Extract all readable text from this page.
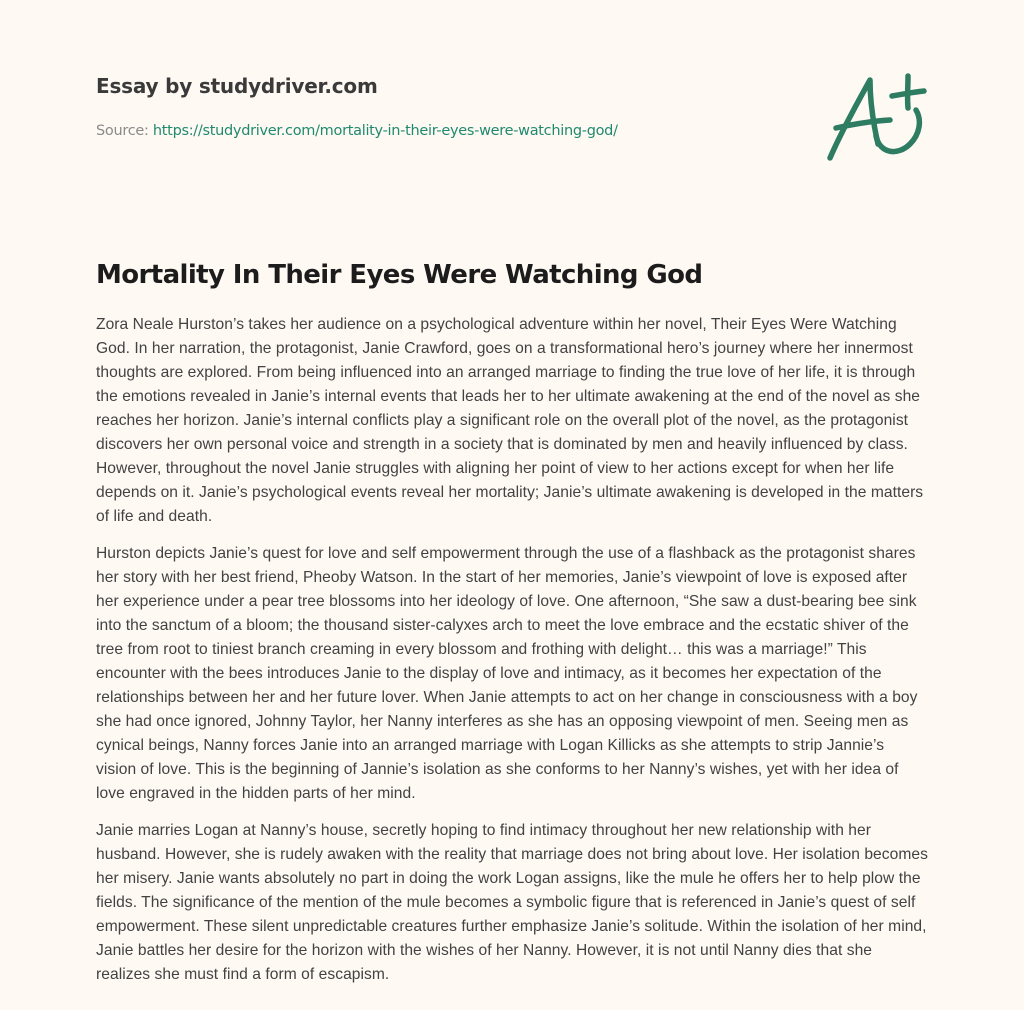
Essay by studydriver.com
Source: https://studydriver.com/mortality-in-their-eyes-were-watching-god/
Mortality In Their Eyes Were Watching God

Zora Neale Hurston’s takes her audience on a psychological adventure within her novel, Their Eyes Were Watching God. In her narration, the protagonist, Janie Crawford, goes on a transformational hero’s journey where her innermost thoughts are explored. From being influenced into an arranged marriage to finding the true love of her life, it is through the emotions revealed in Janie’s internal events that leads her to her ultimate awakening at the end of the novel as she reaches her horizon. Janie’s internal conflicts play a significant role on the overall plot of the novel, as the protagonist discovers her own personal voice and strength in a society that is dominated by men and heavily influenced by class. However, throughout the novel Janie struggles with aligning her point of view to her actions except for when her life depends on it. Janie’s psychological events reveal her mortality; Janie’s ultimate awakening is developed in the matters of life and death.

Hurston depicts Janie’s quest for love and self empowerment through the use of a flashback as the protagonist shares her story with her best friend, Pheoby Watson. In the start of her memories, Janie’s viewpoint of love is exposed after her experience under a pear tree blossoms into her ideology of love. One afternoon, “She saw a dust-bearing bee sink into the sanctum of a bloom; the thousand sister-calyxes arch to meet the love embrace and the ecstatic shiver of the tree from root to tiniest branch creaming in every blossom and frothing with delight… this was a marriage!” This encounter with the bees introduces Janie to the display of love and intimacy, as it becomes her expectation of the relationships between her and her future lover. When Janie attempts to act on her change in consciousness with a boy she had once ignored, Johnny Taylor, her Nanny interferes as she has an opposing viewpoint of men. Seeing men as cynical beings, Nanny forces Janie into an arranged marriage with Logan Killicks as she attempts to strip Jannie’s vision of love. This is the beginning of Jannie’s isolation as she conforms to her Nanny’s wishes, yet with her idea of love engraved in the hidden parts of her mind.

Janie marries Logan at Nanny’s house, secretly hoping to find intimacy throughout her new relationship with her husband. However, she is rudely awaken with the reality that marriage does not bring about love. Her isolation becomes her misery. Janie wants absolutely no part in doing the work Logan assigns, like the mule he offers her to help plow the fields. The significance of the mention of the mule becomes a symbolic figure that is referenced in Janie’s quest of self empowerment. These silent unpredictable creatures further emphasize Janie’s solitude. Within the isolation of her mind, Janie battles her desire for the horizon with the wishes of her Nanny. However, it is not until Nanny dies that she realizes she must find a form of escapism.
